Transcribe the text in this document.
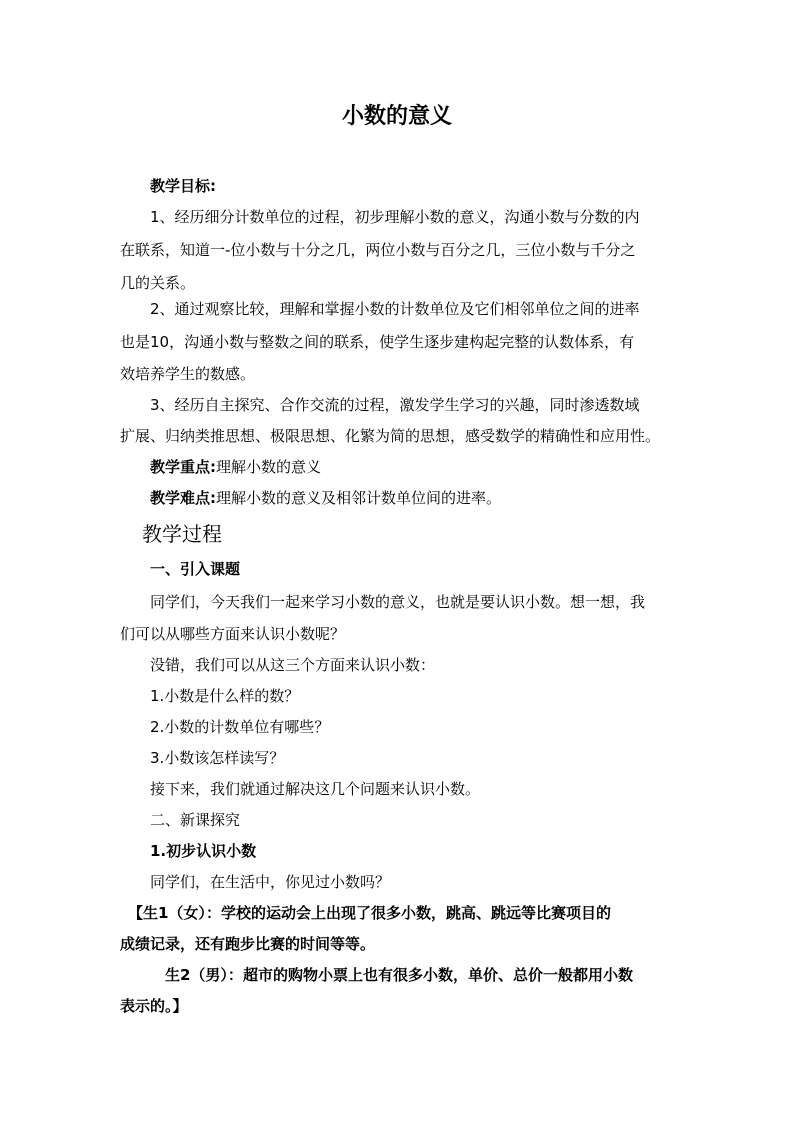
小数的意义
教学目标:
1、经历细分计数单位的过程，初步理解小数的意义，沟通小数与分数的内
在联系，知道一-位小数与十分之几，两位小数与百分之几，三位小数与千分之
几的关系。
2、通过观察比较，理解和掌握小数的计数单位及它们相邻单位之间的进率
也是10，沟通小数与整数之间的联系，使学生逐步建构起完整的认数体系，有
效培养学生的数感。
3、经历自主探究、合作交流的过程，激发学生学习的兴趣，同时渗透数域
扩展、归纳类推思想、极限思想、化繁为简的思想，感受数学的精确性和应用性。
教学重点:理解小数的意义
教学难点:理解小数的意义及相邻计数单位间的进率。
教学过程
一、引入课题
同学们，今天我们一起来学习小数的意义，也就是要认识小数。想一想，我
们可以从哪些方面来认识小数呢？
没错，我们可以从这三个方面来认识小数：
1.小数是什么样的数？
2.小数的计数单位有哪些？
3.小数该怎样读写？
接下来，我们就通过解决这几个问题来认识小数。
二、新课探究
1.初步认识小数
同学们，在生活中，你见过小数吗？
【生1（女）：学校的运动会上出现了很多小数，跳高、跳远等比赛项目的
成绩记录，还有跑步比赛的时间等等。
生2（男）：超市的购物小票上也有很多小数，单价、总价一般都用小数
表示的。】
